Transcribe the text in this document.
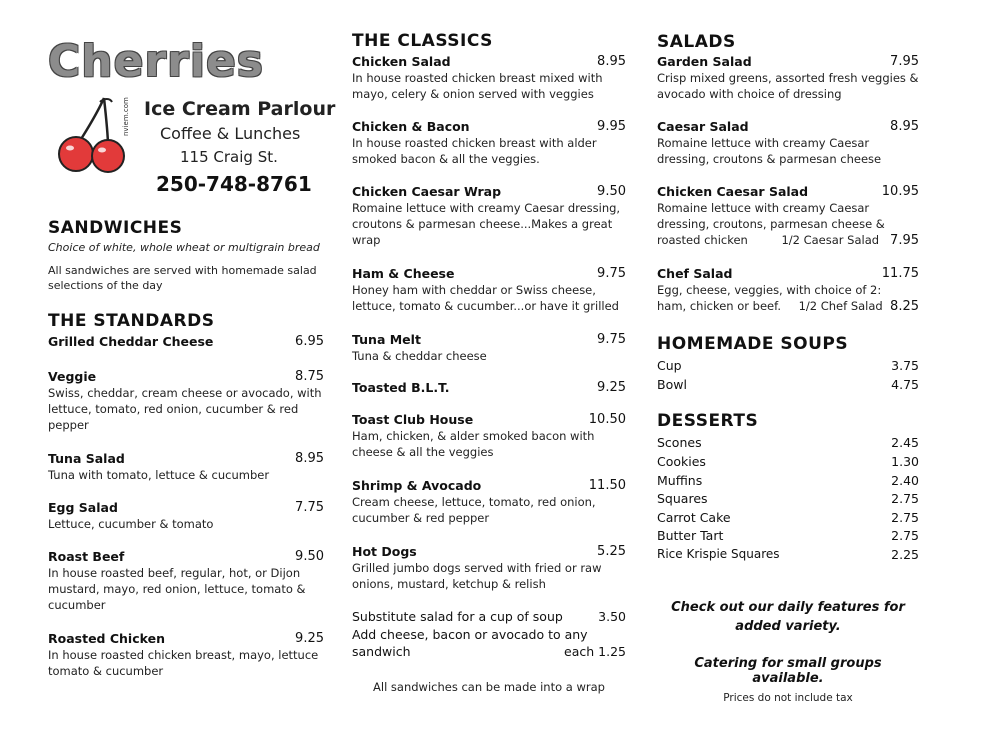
Cherries
nviem.com Ice Cream Parlour
Coffee & Lunches
115 Craig St.
250-748-8761
SANDWICHES
Choice of white, whole wheat or multigrain bread
All sandwiches are served with homemade salad
selections of the day
THE STANDARDS
Grilled Cheddar Cheese	6.95
Veggie	8.75
Swiss, cheddar, cream cheese or avocado, with lettuce, tomato, red onion, cucumber & red pepper
Tuna Salad	8.95
Tuna with tomato, lettuce & cucumber
Egg Salad	7.75
Lettuce, cucumber & tomato
Roast Beef	9.50
In house roasted beef, regular, hot, or Dijon mustard, mayo, red onion, lettuce, tomato & cucumber
Roasted Chicken	9.25
In house roasted chicken breast, mayo, lettuce tomato & cucumber
THE CLASSICS
Chicken Salad	8.95
In house roasted chicken breast mixed with mayo, celery & onion served with veggies
Chicken & Bacon	9.95
In house roasted chicken breast with alder smoked bacon & all the veggies.
Chicken Caesar Wrap	9.50
Romaine lettuce with creamy Caesar dressing, croutons & parmesan cheese...Makes a great wrap
Ham & Cheese	9.75
Honey ham with cheddar or Swiss cheese, lettuce, tomato & cucumber...or have it grilled
Tuna Melt	9.75
Tuna & cheddar cheese
Toasted B.L.T.	9.25
Toast Club House	10.50
Ham, chicken, & alder smoked bacon with cheese & all the veggies
Shrimp & Avocado	11.50
Cream cheese, lettuce, tomato, red onion, cucumber & red pepper
Hot Dogs	5.25
Grilled jumbo dogs served with fried or raw onions, mustard, ketchup & relish
Substitute salad for a cup of soup	3.50
Add cheese, bacon or avocado to any
sandwich	each 1.25
All sandwiches can be made into a wrap
SALADS
Garden Salad	7.95
Crisp mixed greens, assorted fresh veggies & avocado with choice of dressing
Caesar Salad	8.95
Romaine lettuce with creamy Caesar dressing, croutons & parmesan cheese
Chicken Caesar Salad	10.95
Romaine lettuce with creamy Caesar dressing, croutons, parmesan cheese &
roasted chicken	1/2 Caesar Salad 7.95
Chef Salad	11.75
Egg, cheese, veggies, with choice of 2:
ham, chicken or beef. 1/2 Chef Salad 8.25
HOMEMADE SOUPS
Cup	3.75
Bowl	4.75
DESSERTS
Scones	2.45
Cookies	1.30
Muffins	2.40
Squares	2.75
Carrot Cake	2.75
Butter Tart	2.75
Rice Krispie Squares	2.25
Check out our daily features for
added variety.
Catering for small groups available.
Prices do not include tax
